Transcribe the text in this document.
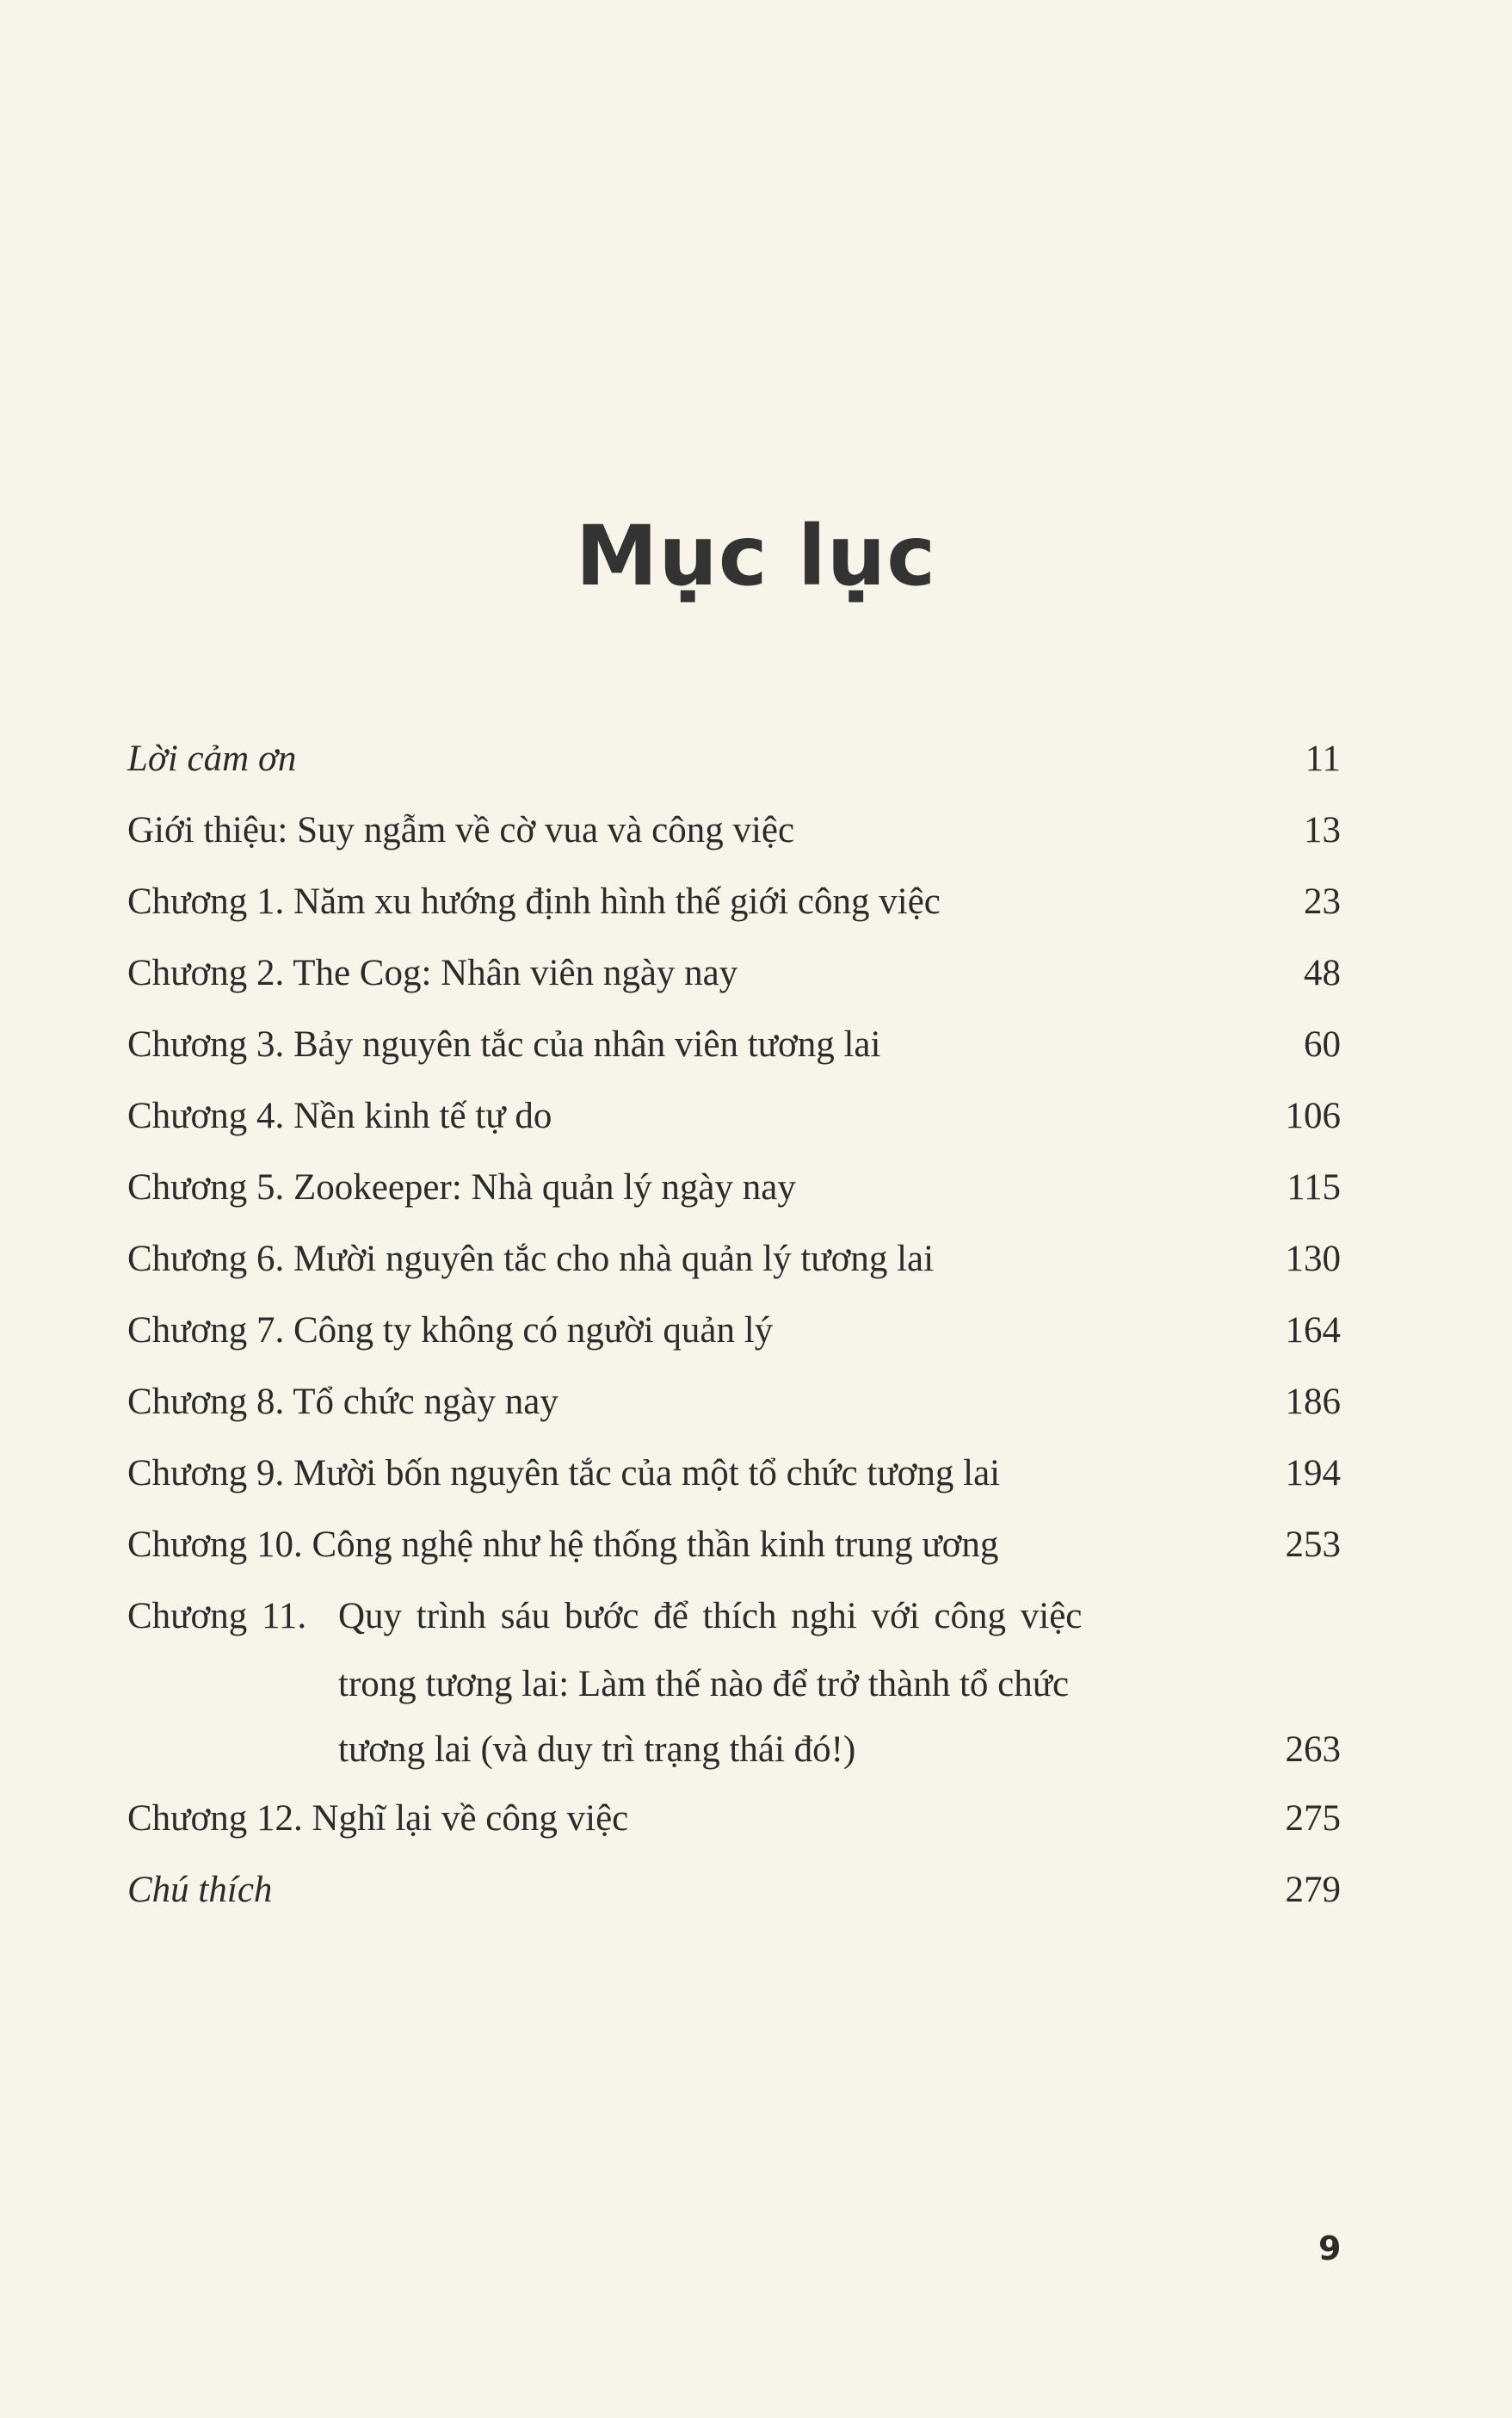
Mục lục
Lời cảm ơn	11
Giới thiệu: Suy ngẫm về cờ vua và công việc	13
Chương 1. Năm xu hướng định hình thế giới công việc	23
Chương 2. The Cog: Nhân viên ngày nay	48
Chương 3. Bảy nguyên tắc của nhân viên tương lai	60
Chương 4. Nền kinh tế tự do	106
Chương 5. Zookeeper: Nhà quản lý ngày nay	115
Chương 6. Mười nguyên tắc cho nhà quản lý tương lai	130
Chương 7. Công ty không có người quản lý	164
Chương 8. Tổ chức ngày nay	186
Chương 9. Mười bốn nguyên tắc của một tổ chức tương lai	194
Chương 10. Công nghệ như hệ thống thần kinh trung ương	253
Chương 11. Quy trình sáu bước để thích nghi với công việc
trong tương lai: Làm thế nào để trở thành tổ chức
tương lai (và duy trì trạng thái đó!)	263
Chương 12. Nghĩ lại về công việc	275
Chú thích	279
9
